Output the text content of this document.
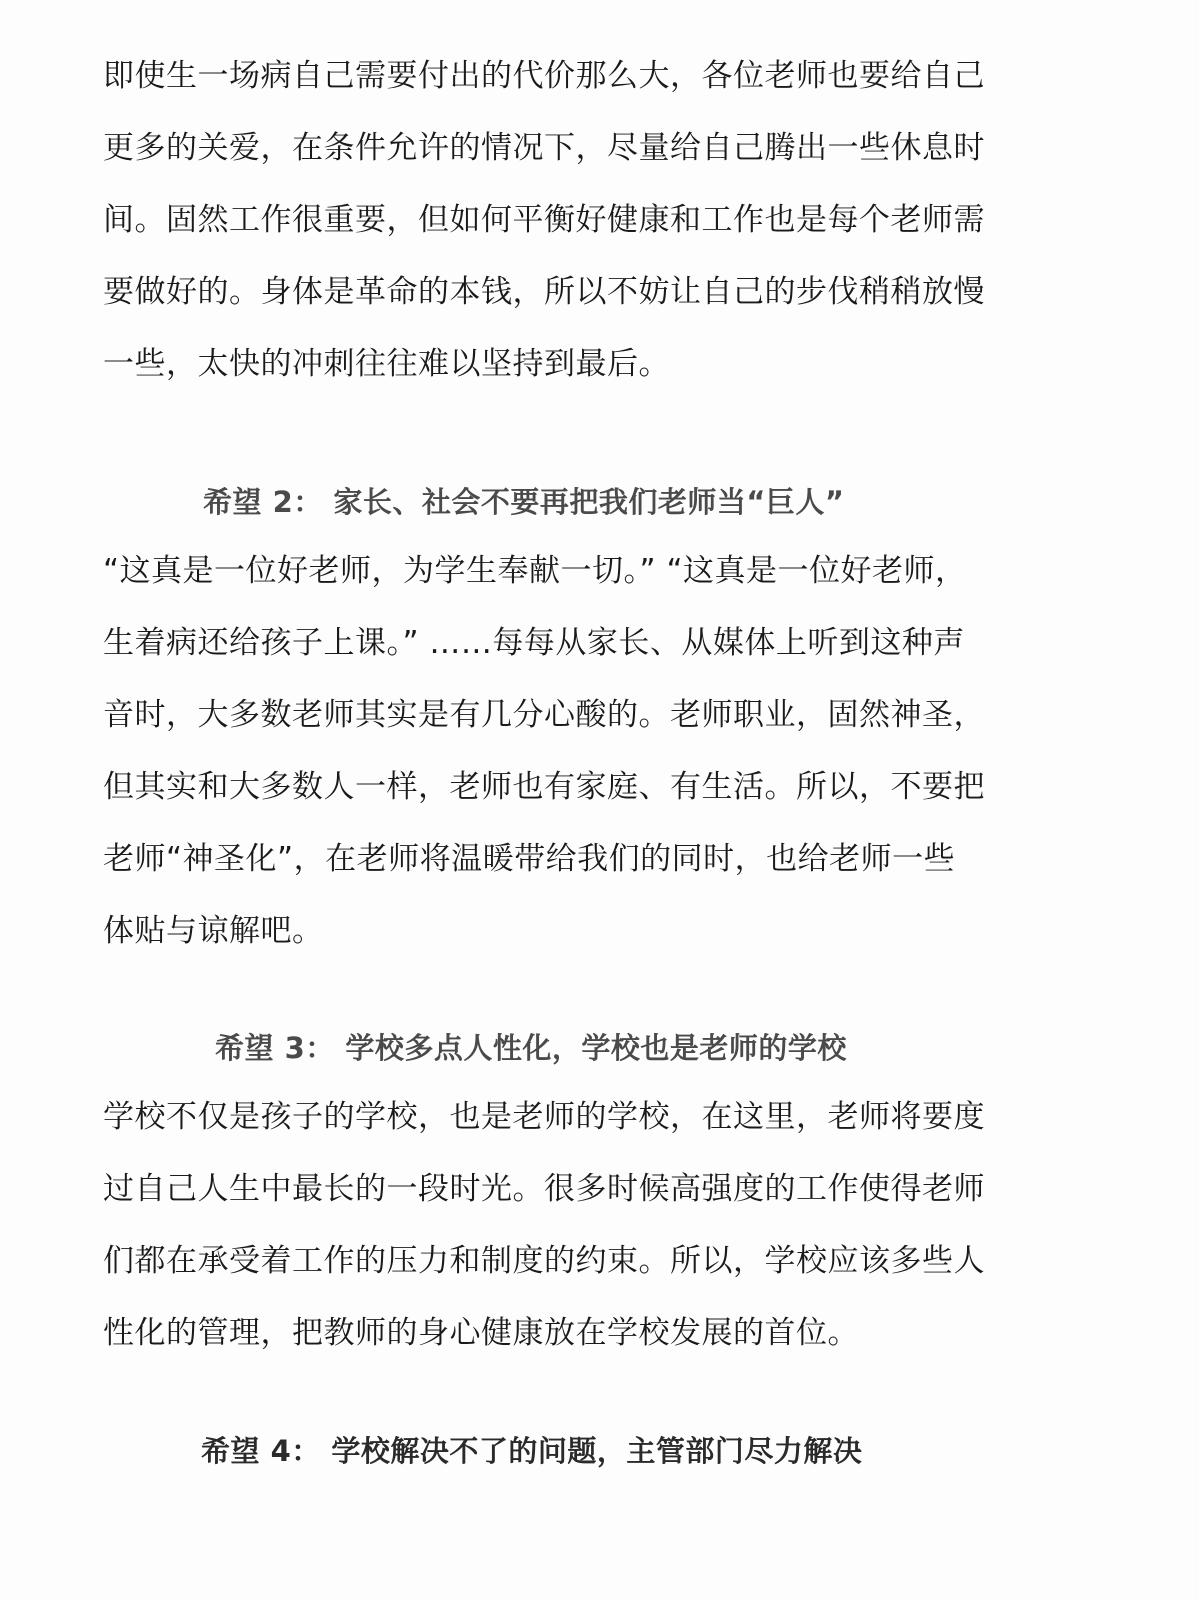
即使生一场病自己需要付出的代价那么大，各位老师也要给自己
更多的关爱，在条件允许的情况下，尽量给自己腾出一些休息时
间。固然工作很重要，但如何平衡好健康和工作也是每个老师需
要做好的。身体是革命的本钱，所以不妨让自己的步伐稍稍放慢
一些，太快的冲刺往往难以坚持到最后。
希望 2： 家长、社会不要再把我们老师当“巨人”
“这真是一位好老师，为学生奉献一切。” “这真是一位好老师，
生着病还给孩子上课。” ……每每从家长、从媒体上听到这种声
音时，大多数老师其实是有几分心酸的。老师职业，固然神圣，
但其实和大多数人一样，老师也有家庭、有生活。所以，不要把
老师“神圣化”，在老师将温暖带给我们的同时，也给老师一些
体贴与谅解吧。
希望 3： 学校多点人性化，学校也是老师的学校
学校不仅是孩子的学校，也是老师的学校，在这里，老师将要度
过自己人生中最长的一段时光。很多时候高强度的工作使得老师
们都在承受着工作的压力和制度的约束。所以，学校应该多些人
性化的管理，把教师的身心健康放在学校发展的首位。
希望 4： 学校解决不了的问题，主管部门尽力解决
